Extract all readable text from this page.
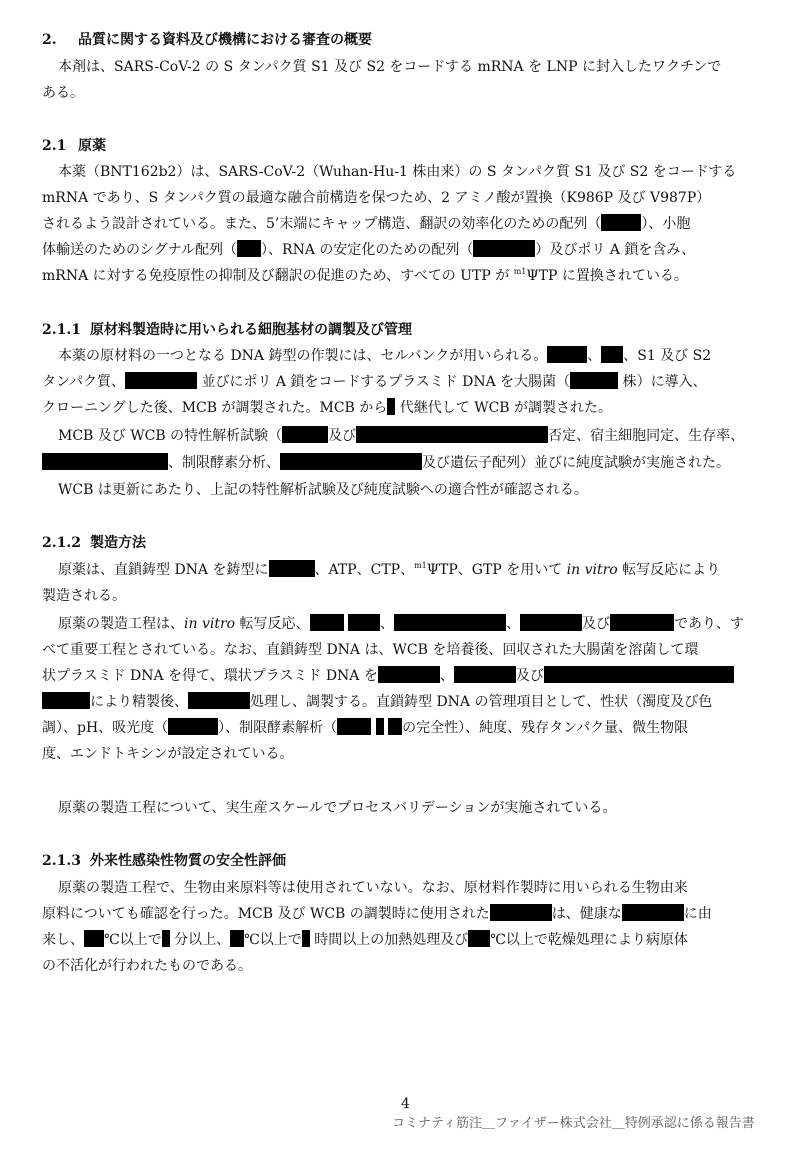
2. 品質に関する資料及び機構における審査の概要
本剤は、SARS-CoV-2 の S タンパク質 S1 及び S2 をコードする mRNA を LNP に封入したワクチンで
ある。
2.1 原薬
本薬（BNT162b2）は、SARS-CoV-2（Wuhan-Hu-1 株由来）の S タンパク質 S1 及び S2 をコードする
mRNA であり、S タンパク質の最適な融合前構造を保つため、2 アミノ酸が置換（K986P 及び V987P）
されるよう設計されている。また、5’末端にキャップ構造、翻訳の効率化のための配列（	）、小胞
体輸送のためのシグナル配列（ ）、RNA の安定化のための配列（	）及びポリ A 鎖を含み、
mRNA に対する免疫原性の抑制及び翻訳の促進のため、すべての UTP が $^{m1}$ΨTP に置換されている。
2.1.1 原材料製造時に用いられる細胞基材の調製及び管理
本薬の原材料の一つとなる DNA 鋳型の作製には、セルバンクが用いられる。	、 、S1 及び S2
タンパク質、	並びにポリ A 鎖をコードするプラスミド DNA を大腸菌（	株）に導入、
クローニングした後、MCB が調製された。MCB から 代継代して WCB が調製された。
MCB 及び WCB の特性解析試験（	及び	否定、宿主細胞同定、生存率、
、制限酵素分析、	及び遺伝子配列）並びに純度試験が実施された。
WCB は更新にあたり、上記の特性解析試験及び純度試験への適合性が確認される。
2.1.2 製造方法
原薬は、直鎖鋳型 DNA を鋳型に	、ATP、CTP、$^{m1}$ΨTP、GTP を用いて in vitro 転写反応により
製造される。
原薬の製造工程は、in vitro 転写反応、	、	、	及び	であり、す
べて重要工程とされている。なお、直鎖鋳型 DNA は、WCB を培養後、回収された大腸菌を溶菌して環
状プラスミド DNA を得て、環状プラスミド DNA を	、	及び
により精製後、	処理し、調製する。直鎖鋳型 DNA の管理項目として、性状（濁度及び色
調）、pH、吸光度（	）、制限酵素解析（	の完全性）、純度、残存タンパク量、微生物限
度、エンドトキシンが設定されている。
原薬の製造工程について、実生産スケールでプロセスバリデーションが実施されている。
2.1.3 外来性感染性物質の安全性評価
原薬の製造工程で、生物由来原料等は使用されていない。なお、原材料作製時に用いられる生物由来
原料についても確認を行った。MCB 及び WCB の調製時に使用された	は、健康な	に由
来し、 ℃以上で 分以上、 ℃以上で 時間以上の加熱処理及び ℃以上で乾燥処理により病原体
の不活化が行われたものである。
4
コミナティ筋注＿ファイザー株式会社＿特例承認に係る報告書
